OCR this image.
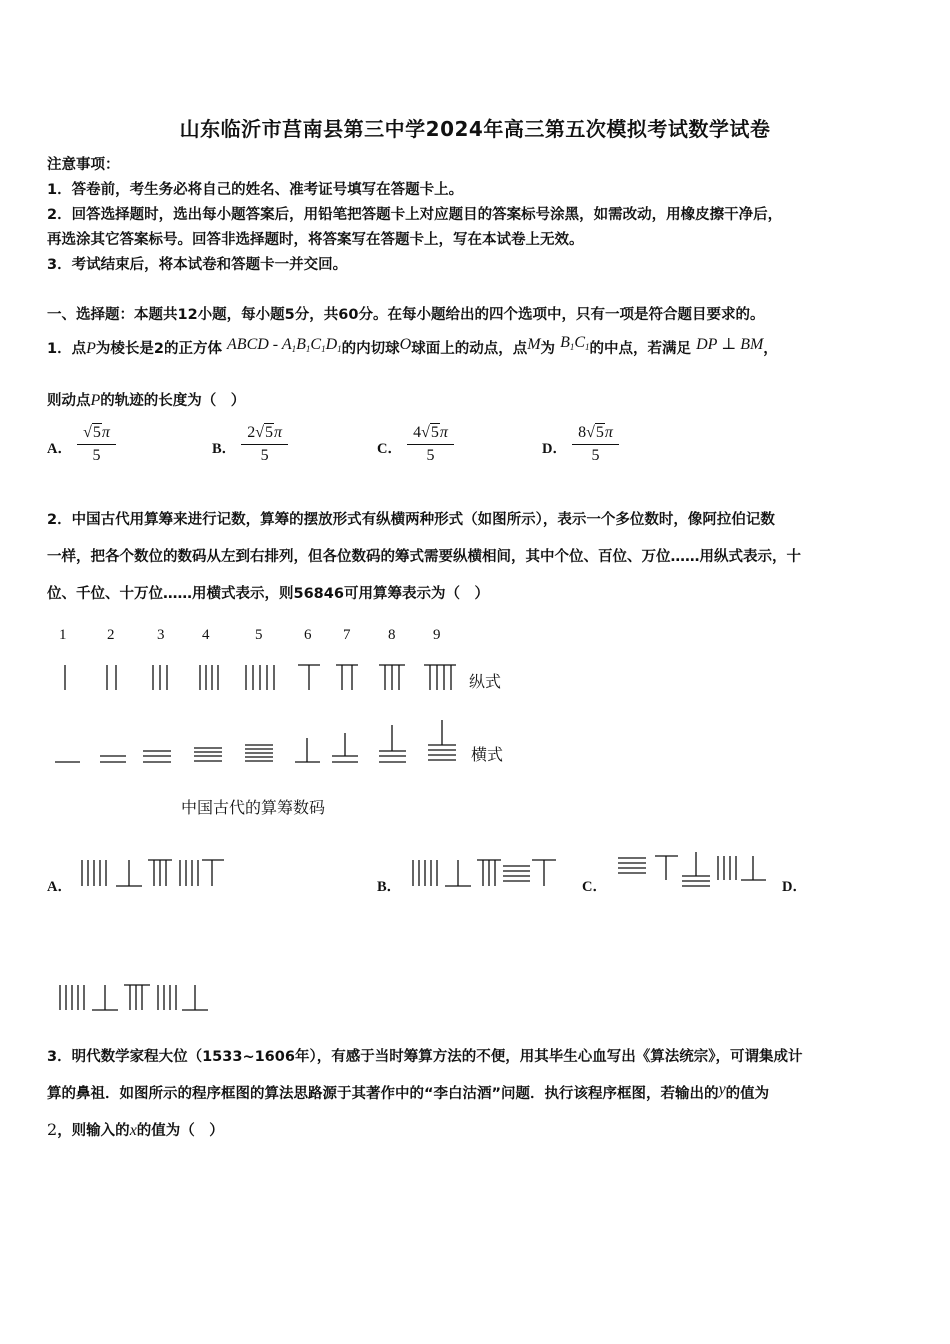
山东临沂市莒南县第三中学2024年高三第五次模拟考试数学试卷
注意事项：
1．答卷前，考生务必将自己的姓名、准考证号填写在答题卡上。
2．回答选择题时，选出每小题答案后，用铅笔把答题卡上对应题目的答案标号涂黑，如需改动，用橡皮擦干净后，
再选涂其它答案标号。回答非选择题时，将答案写在答题卡上，写在本试卷上无效。
3．考试结束后，将本试卷和答题卡一并交回。
一、选择题：本题共12小题，每小题5分，共60分。在每小题给出的四个选项中，只有一项是符合题目要求的。
1．点P为棱长是2的正方体 ABCD - $A_1B_1C_1D_1$的内切球O球面上的动点，点M为 $B_1C_1$的中点，若满足 DP ⊥ BM，
则动点P的轨迹的长度为（　）
A． $\frac{√5\pi}{5}$	B． $\frac{2√5\pi}{5}$	C． $\frac{4√5\pi}{5}$	D． $\frac{8√5\pi}{5}$
2．中国古代用算筹来进行记数，算筹的摆放形式有纵横两种形式（如图所示），表示一个多位数时，像阿拉伯记数
一样，把各个数位的数码从左到右排列，但各位数码的筹式需要纵横相间，其中个位、百位、万位……用纵式表示，十
位、千位、十万位……用横式表示，则56846可用算筹表示为（　）
1	2	3	4	5	6 7	8	9
纵式
横式
中国古代的算筹数码
A．	B．	C．	D．
3．明代数学家程大位（1533~1606年），有感于当时筹算方法的不便，用其毕生心血写出《算法统宗》，可谓集成计
算的鼻祖．如图所示的程序框图的算法思路源于其著作中的“李白沽酒”问题．执行该程序框图，若输出的y的值为
2，则输入的x的值为（　）
